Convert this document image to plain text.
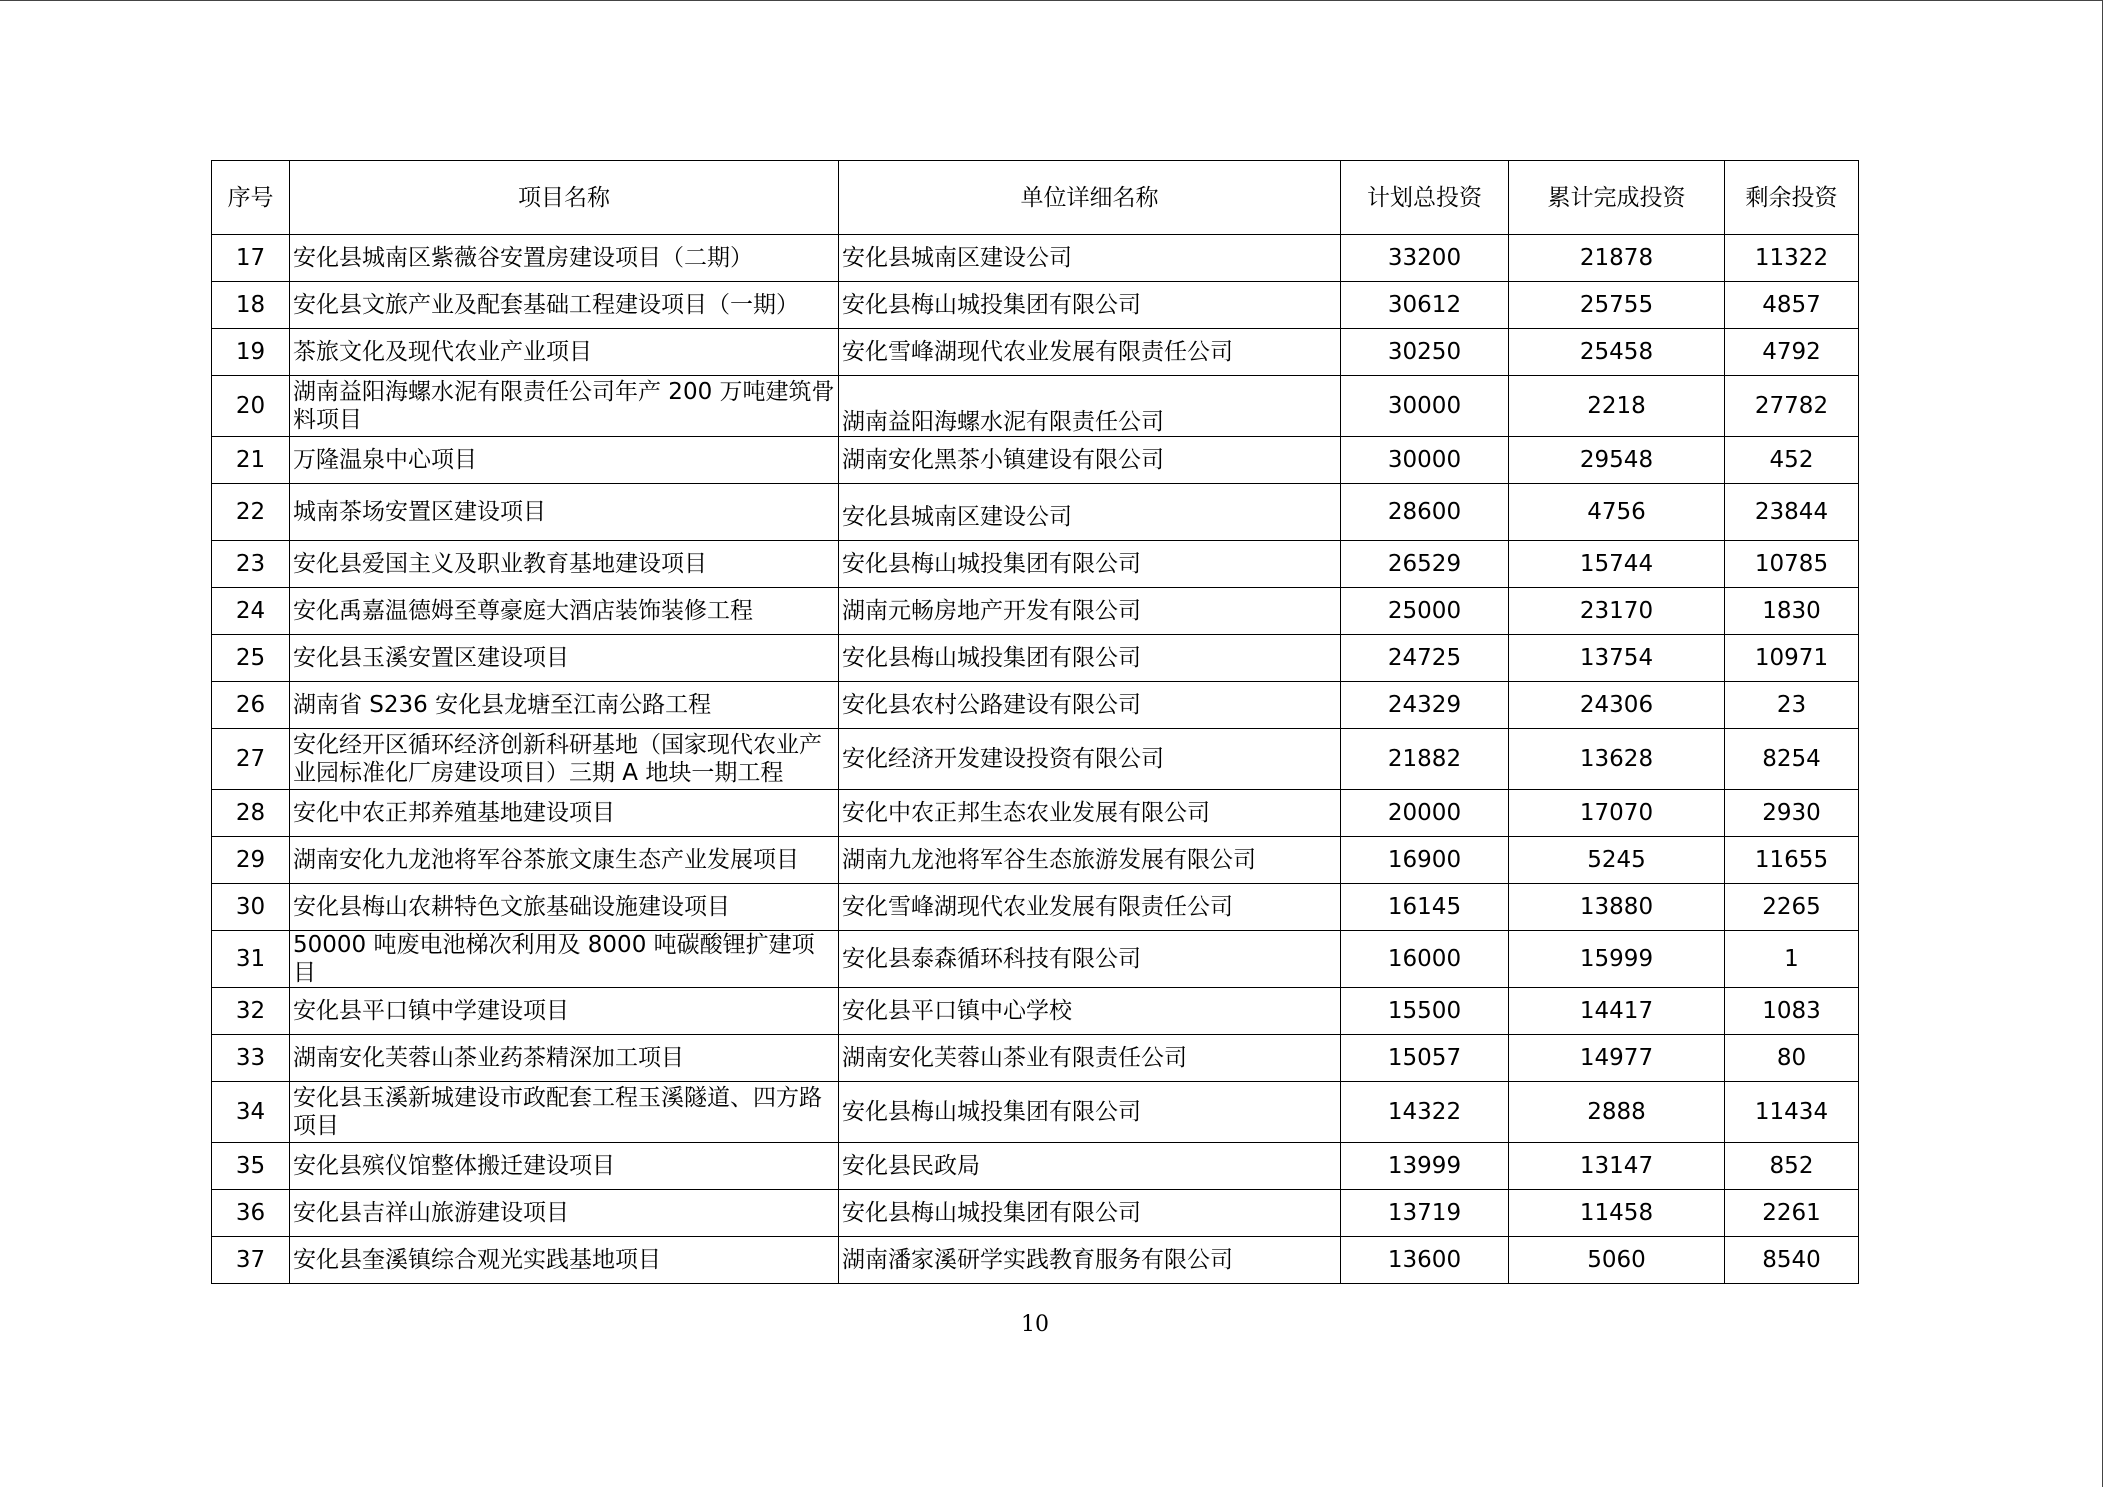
序号	项目名称	单位详细名称	计划总投资	累计完成投资	剩余投资
17	安化县城南区紫薇谷安置房建设项目（二期）	安化县城南区建设公司	33200	21878	11322
18	安化县文旅产业及配套基础工程建设项目（一期）	安化县梅山城投集团有限公司	30612	25755	4857
19	茶旅文化及现代农业产业项目	安化雪峰湖现代农业发展有限责任公司	30250	25458	4792
20	湖南益阳海螺水泥有限责任公司年产 200 万吨建筑骨料项目	湖南益阳海螺水泥有限责任公司	30000	2218	27782
21	万隆温泉中心项目	湖南安化黑茶小镇建设有限公司	30000	29548	452
22	城南茶场安置区建设项目	安化县城南区建设公司	28600	4756	23844
23	安化县爱国主义及职业教育基地建设项目	安化县梅山城投集团有限公司	26529	15744	10785
24	安化禹嘉温德姆至尊豪庭大酒店装饰装修工程	湖南元畅房地产开发有限公司	25000	23170	1830
25	安化县玉溪安置区建设项目	安化县梅山城投集团有限公司	24725	13754	10971
26	湖南省 S236 安化县龙塘至江南公路工程	安化县农村公路建设有限公司	24329	24306	23
27	安化经开区循环经济创新科研基地（国家现代农业产业园标准化厂房建设项目）三期 A 地块一期工程	安化经济开发建设投资有限公司	21882	13628	8254
28	安化中农正邦养殖基地建设项目	安化中农正邦生态农业发展有限公司	20000	17070	2930
29	湖南安化九龙池将军谷茶旅文康生态产业发展项目	湖南九龙池将军谷生态旅游发展有限公司	16900	5245	11655
30	安化县梅山农耕特色文旅基础设施建设项目	安化雪峰湖现代农业发展有限责任公司	16145	13880	2265
31	50000 吨废电池梯次利用及 8000 吨碳酸锂扩建项目	安化县泰森循环科技有限公司	16000	15999	1
32	安化县平口镇中学建设项目	安化县平口镇中心学校	15500	14417	1083
33	湖南安化芙蓉山茶业药茶精深加工项目	湖南安化芙蓉山茶业有限责任公司	15057	14977	80
34	安化县玉溪新城建设市政配套工程玉溪隧道、四方路项目	安化县梅山城投集团有限公司	14322	2888	11434
35	安化县殡仪馆整体搬迁建设项目	安化县民政局	13999	13147	852
36	安化县吉祥山旅游建设项目	安化县梅山城投集团有限公司	13719	11458	2261
37	安化县奎溪镇综合观光实践基地项目	湖南潘家溪研学实践教育服务有限公司	13600	5060	8540
10
